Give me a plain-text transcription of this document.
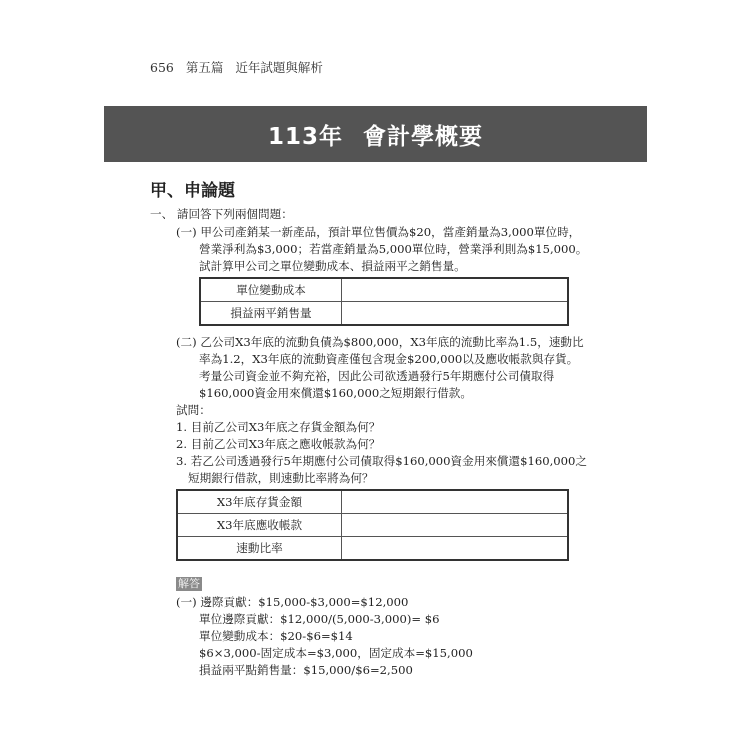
656 第五篇 近年試題與解析
113年 會計學概要
甲、申論題
一、 請回答下列兩個問題：
(一) 甲公司產銷某一新產品，預計單位售價為$20，當產銷量為3,000單位時，
營業淨利為$3,000；若當產銷量為5,000單位時，營業淨利則為$15,000。
試計算甲公司之單位變動成本、損益兩平之銷售量。
單位變動成本	
損益兩平銷售量	
(二) 乙公司X3年底的流動負債為$800,000，X3年底的流動比率為1.5，速動比
率為1.2，X3年底的流動資產僅包含現金$200,000以及應收帳款與存貨。
考量公司資金並不夠充裕，因此公司欲透過發行5年期應付公司債取得
$160,000資金用來償還$160,000之短期銀行借款。
試問：
1. 目前乙公司X3年底之存貨金額為何？
2. 目前乙公司X3年底之應收帳款為何？
3. 若乙公司透過發行5年期應付公司債取得$160,000資金用來償還$160,000之
短期銀行借款，則速動比率將為何？
X3年底存貨金額	
X3年底應收帳款	
速動比率	
解答
(一) 邊際貢獻：$15,000-$3,000=$12,000
單位邊際貢獻：$12,000/(5,000-3,000)= $6
單位變動成本：$20-$6=$14
$6×3,000-固定成本=$3,000，固定成本=$15,000
損益兩平點銷售量：$15,000/$6=2,500
